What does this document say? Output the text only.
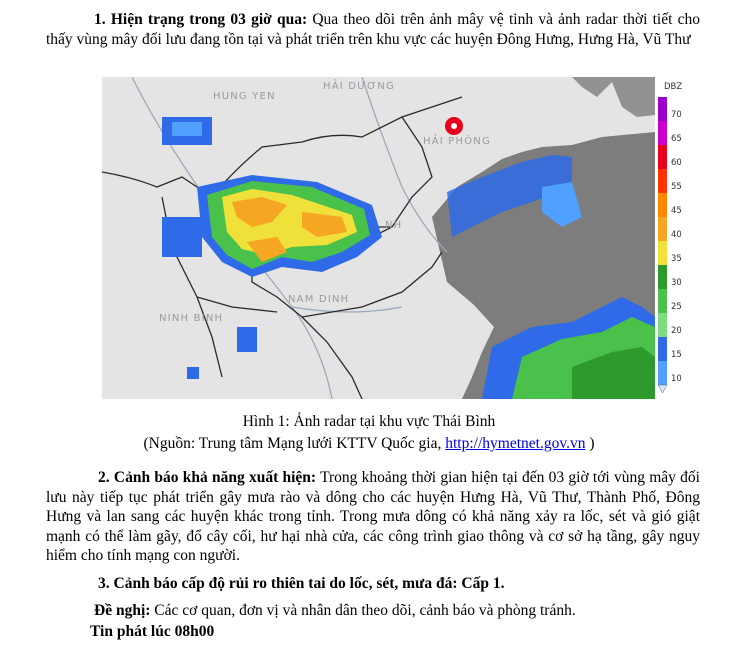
1. Hiện trạng trong 03 giờ qua: Qua theo dõi trên ảnh mây vệ tinh và ảnh radar thời tiết cho thấy vùng mây đối lưu đang tồn tại và phát triển trên khu vực các huyện Đông Hưng, Hưng Hà, Vũ Thư

HẢI DƯƠNG
HUNG YEN
HẢI PHÒNG
NH
NAM DINH
NINH BINH
DBZ
70
65
60
55
45
40
35
30
25
20
15
10

Hình 1: Ảnh radar tại khu vực Thái Bình

(Nguồn: Trung tâm Mạng lưới KTTV Quốc gia, http://hymetnet.gov.vn )

2. Cảnh báo khả năng xuất hiện: Trong khoảng thời gian hiện tại đến 03 giờ tới vùng mây đối lưu này tiếp tục phát triển gây mưa rào và dông cho các huyện Hưng Hà, Vũ Thư, Thành Phố, Đông Hưng và lan sang các huyện khác trong tỉnh. Trong mưa dông có khả năng xảy ra lốc, sét và gió giật mạnh có thể làm gãy, đổ cây cối, hư hại nhà cửa, các công trình giao thông và cơ sở hạ tầng, gây nguy hiểm cho tính mạng con người.

3. Cảnh báo cấp độ rủi ro thiên tai do lốc, sét, mưa đá: Cấp 1.

Đề nghị: Các cơ quan, đơn vị và nhân dân theo dõi, cảnh báo và phòng tránh.

Tin phát lúc 08h00
